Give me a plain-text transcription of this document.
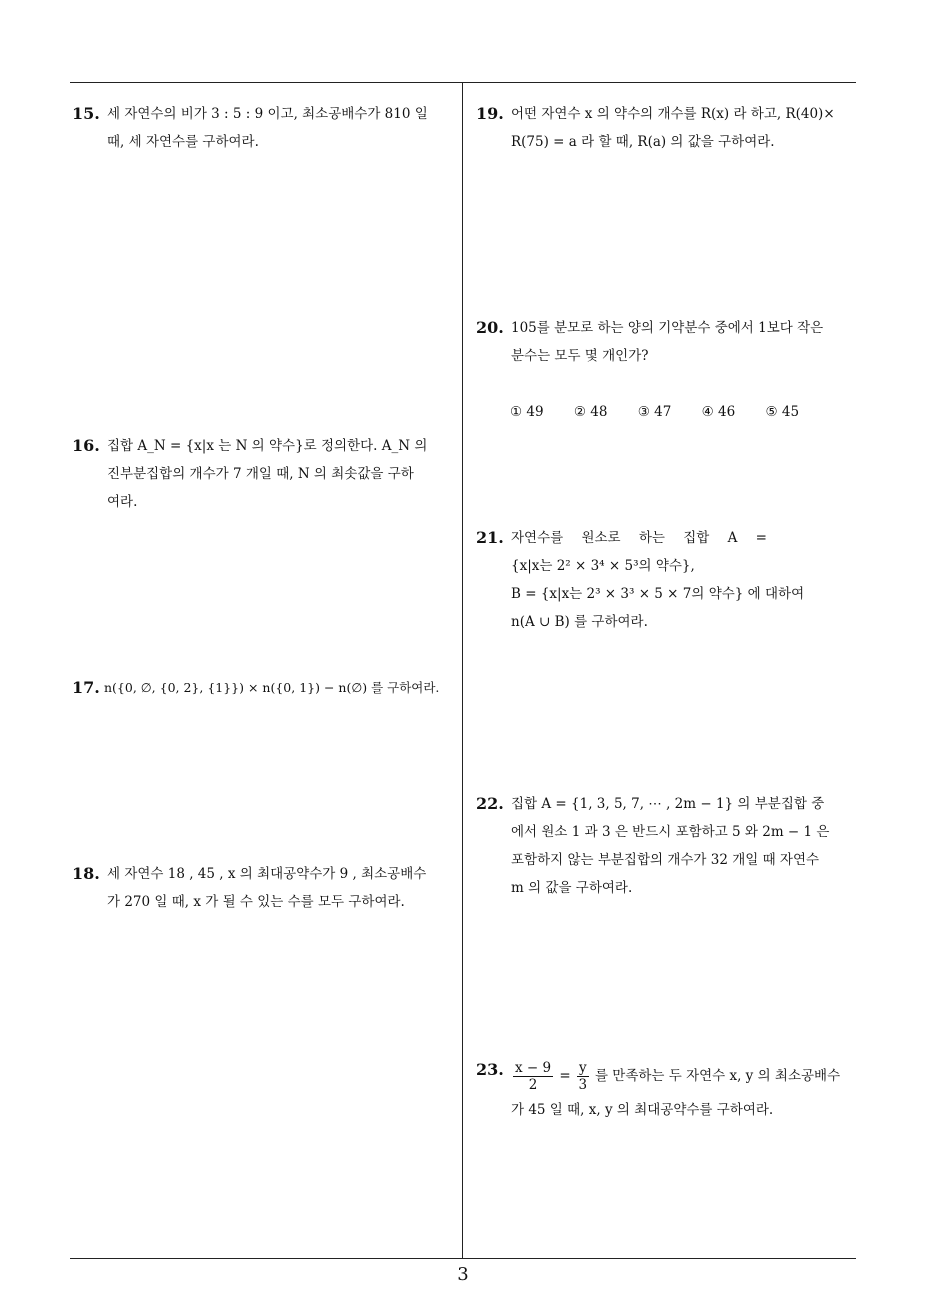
15. 세 자연수의 비가 3 : 5 : 9 이고, 최소공배수가 810 일

때, 세 자연수를 구하여라.

16. 집합 A_N = {x|x 는 N 의 약수}로 정의한다. A_N 의

진부분집합의 개수가 7 개일 때, N 의 최솟값을 구하

여라.

17. n({0, ∅, {0, 2}, {1}}) × n({0, 1}) − n(∅) 를 구하여라.

18. 세 자연수 18 , 45 , x 의 최대공약수가 9 , 최소공배수

가 270 일 때, x 가 될 수 있는 수를 모두 구하여라.

19. 어떤 자연수 x 의 약수의 개수를 R(x) 라 하고, R(40)×

R(75) = a 라 할 때, R(a) 의 값을 구하여라.

20. 105를 분모로 하는 양의 기약분수 중에서 1보다 작은

분수는 모두 몇 개인가?

① 49 ② 48 ③ 47 ④ 46 ⑤ 45
21. 자연수를 원소로 하는 집합 A =

{x|x는 2² × 3⁴ × 5³의 약수},

B = {x|x는 2³ × 3³ × 5 × 7의 약수} 에 대하여

n(A ∪ B) 를 구하여라.

22. 집합 A = {1, 3, 5, 7, ⋯ , 2m − 1} 의 부분집합 중

에서 원소 1 과 3 은 반드시 포함하고 5 와 2m − 1 은

포함하지 않는 부분집합의 개수가 32 개일 때 자연수

m 의 값을 구하여라.

23. $\frac{x - 9}{2} = \frac{y}{3}$ 를 만족하는 두 자연수 x, y 의 최소공배수

가 45 일 때, x, y 의 최대공약수를 구하여라.

3
